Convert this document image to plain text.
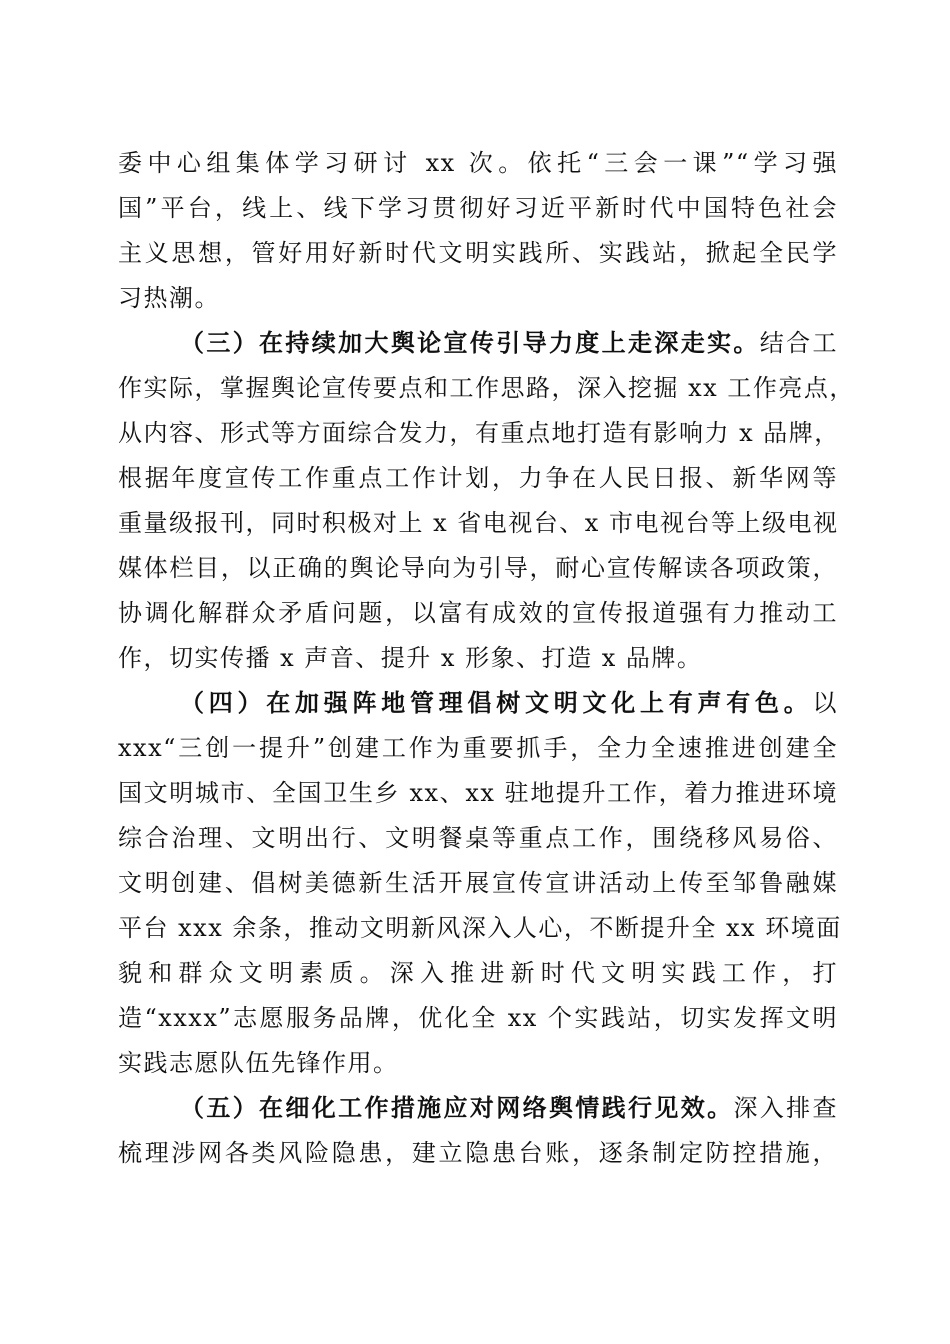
委中心组集体学习研讨 xx 次。依托“三会一课”“学习强
国”平台，线上、线下学习贯彻好习近平新时代中国特色社会
主义思想，管好用好新时代文明实践所、实践站，掀起全民学
习热潮。
（三）在持续加大舆论宣传引导力度上走深走实。结合工
作实际，掌握舆论宣传要点和工作思路，深入挖掘 xx 工作亮点，
从内容、形式等方面综合发力，有重点地打造有影响力 x 品牌，
根据年度宣传工作重点工作计划，力争在人民日报、新华网等
重量级报刊，同时积极对上 x 省电视台、x 市电视台等上级电视
媒体栏目，以正确的舆论导向为引导，耐心宣传解读各项政策，
协调化解群众矛盾问题，以富有成效的宣传报道强有力推动工
作，切实传播 x 声音、提升 x 形象、打造 x 品牌。
（四）在加强阵地管理倡树文明文化上有声有色。以
xxx“三创一提升”创建工作为重要抓手，全力全速推进创建全
国文明城市、全国卫生乡 xx、xx 驻地提升工作，着力推进环境
综合治理、文明出行、文明餐桌等重点工作，围绕移风易俗、
文明创建、倡树美德新生活开展宣传宣讲活动上传至邹鲁融媒
平台 xxx 余条，推动文明新风深入人心，不断提升全 xx 环境面
貌和群众文明素质。深入推进新时代文明实践工作，打
造“xxxx”志愿服务品牌，优化全 xx 个实践站，切实发挥文明
实践志愿队伍先锋作用。
（五）在细化工作措施应对网络舆情践行见效。深入排查
梳理涉网各类风险隐患，建立隐患台账，逐条制定防控措施，
